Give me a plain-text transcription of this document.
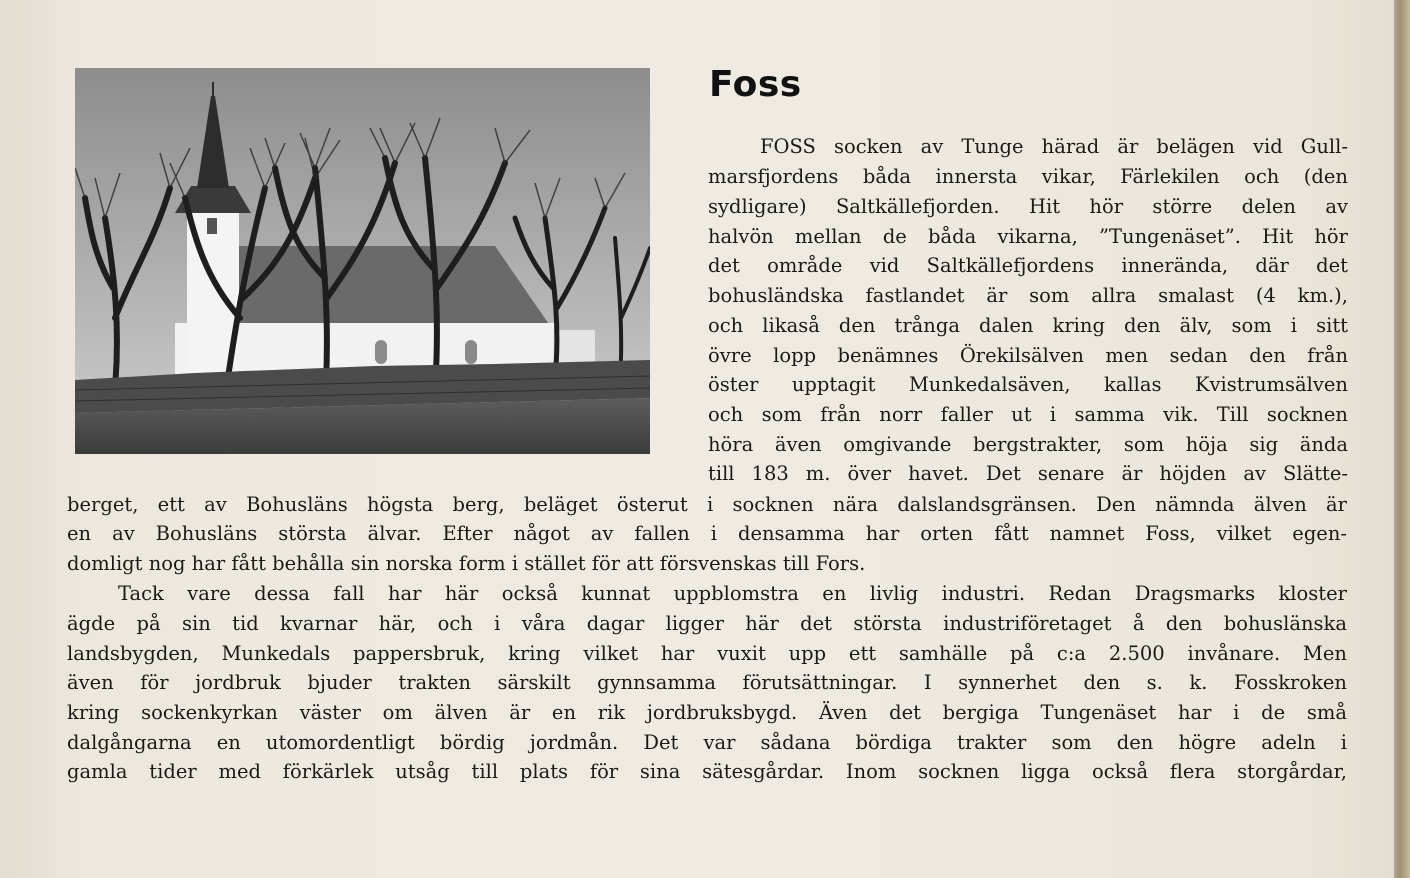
Foss
FOSS socken av Tunge härad är belägen vid Gull-
marsfjordens båda innersta vikar, Färlekilen och (den
sydligare) Saltkällefjorden. Hit hör större delen av
halvön mellan de båda vikarna, ”Tungenäset”. Hit hör
det område vid Saltkällefjordens innerända, där det
bohusländska fastlandet är som allra smalast (4 km.),
och likaså den trånga dalen kring den älv, som i sitt
övre lopp benämnes Örekilsälven men sedan den från
öster upptagit Munkedalsäven, kallas Kvistrumsälven
och som från norr faller ut i samma vik. Till socknen
höra även omgivande bergstrakter, som höja sig ända
till 183 m. över havet. Det senare är höjden av Slätte-
berget, ett av Bohusläns högsta berg, beläget österut i socknen nära dalslandsgränsen. Den nämnda älven är
en av Bohusläns största älvar. Efter något av fallen i densamma har orten fått namnet Foss, vilket egen-
domligt nog har fått behålla sin norska form i stället för att försvenskas till Fors.
Tack vare dessa fall har här också kunnat uppblomstra en livlig industri. Redan Dragsmarks kloster
ägde på sin tid kvarnar här, och i våra dagar ligger här det största industriföretaget å den bohuslänska
landsbygden, Munkedals pappersbruk, kring vilket har vuxit upp ett samhälle på c:a 2.500 invånare. Men
även för jordbruk bjuder trakten särskilt gynnsamma förutsättningar. I synnerhet den s. k. Fosskroken
kring sockenkyrkan väster om älven är en rik jordbruksbygd. Även det bergiga Tungenäset har i de små
dalgångarna en utomordentligt bördig jordmån. Det var sådana bördiga trakter som den högre adeln i
gamla tider med förkärlek utsåg till plats för sina sätesgårdar. Inom socknen ligga också flera storgårdar,
